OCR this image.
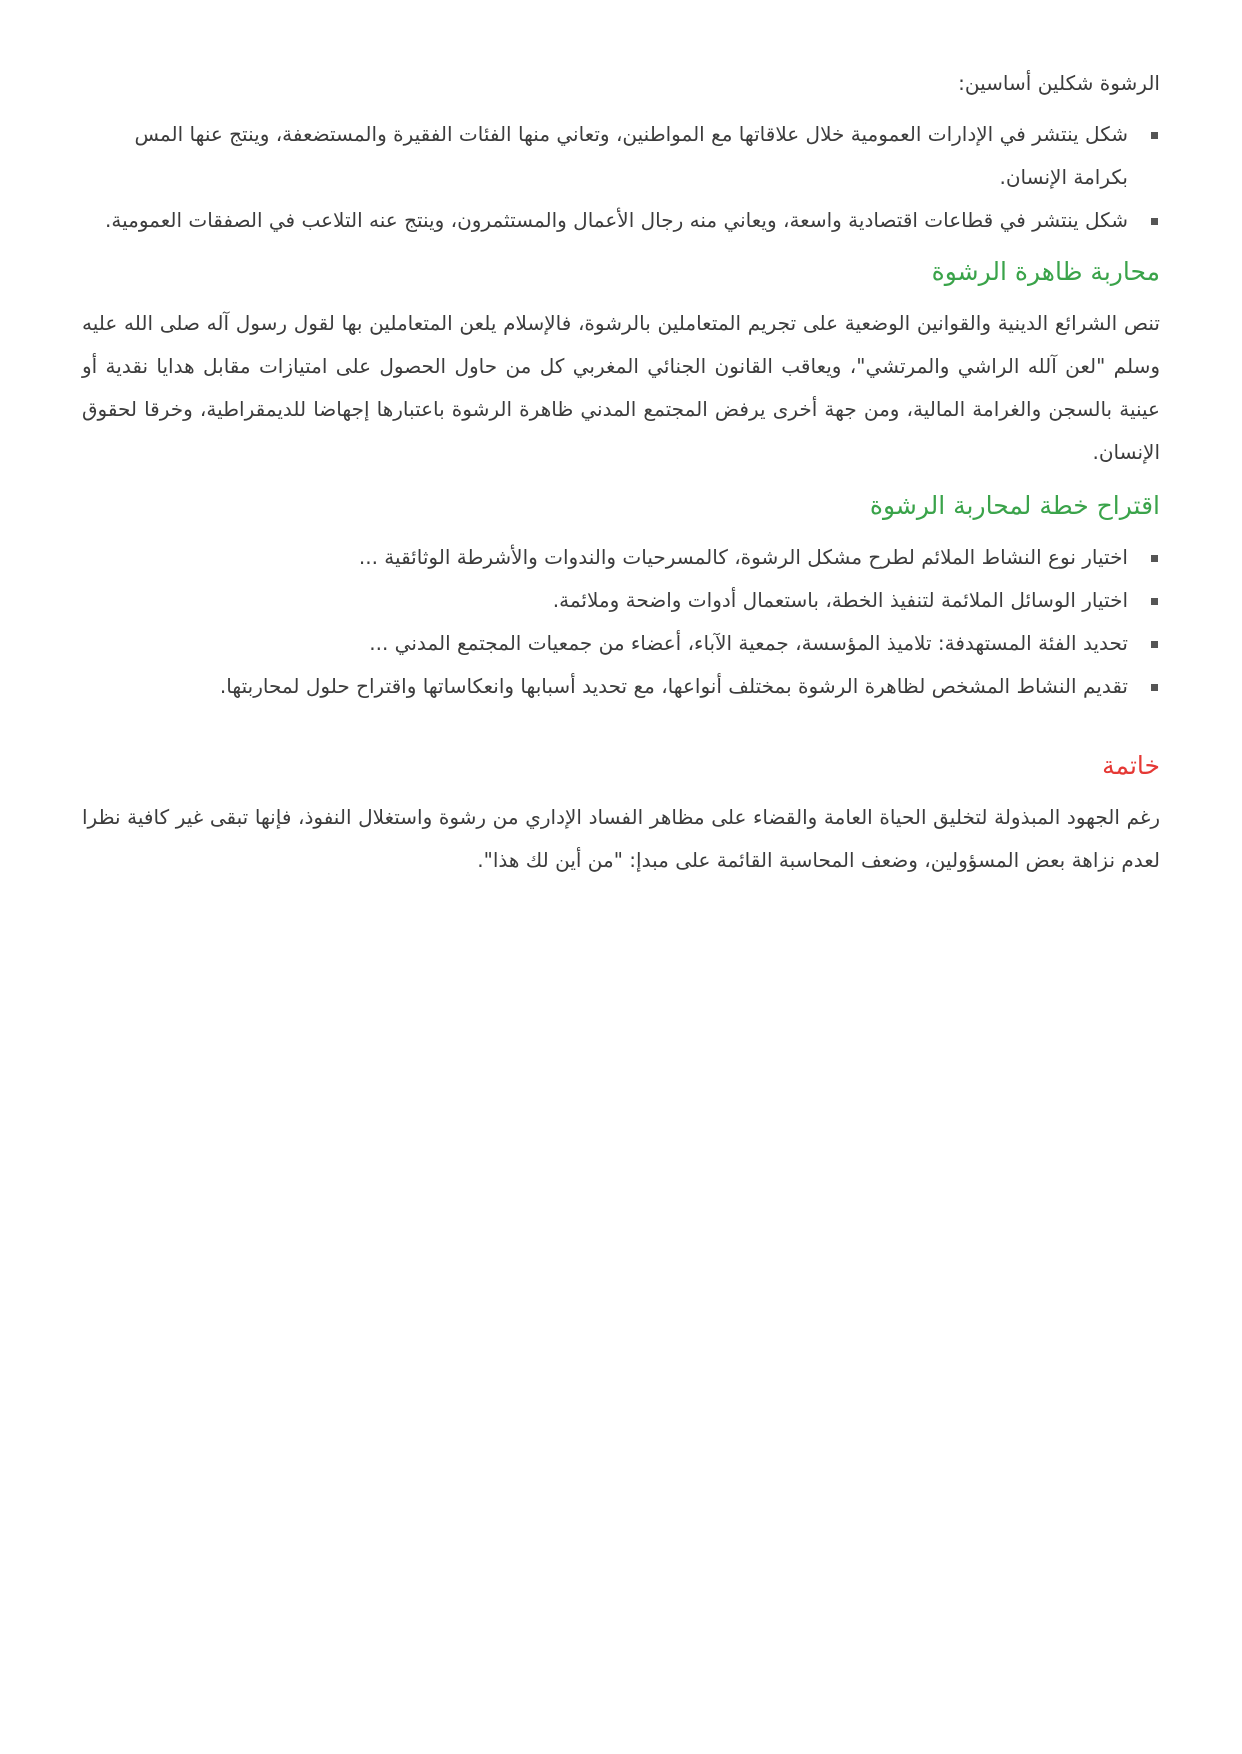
الرشوة شكلين أساسين:

شكل ينتشر في الإدارات العمومية خلال علاقاتها مع المواطنين، وتعاني منها الفئات الفقيرة والمستضعفة، وينتج عنها المس بكرامة الإنسان.
شكل ينتشر في قطاعات اقتصادية واسعة، ويعاني منه رجال الأعمال والمستثمرون، وينتج عنه التلاعب في الصفقات العمومية.
محاربة ظاهرة الرشوة

تنص الشرائع الدينية والقوانين الوضعية على تجريم المتعاملين بالرشوة، فالإسلام يلعن المتعاملين بها لقول رسول آله صلى الله عليه وسلم "لعن آلله الراشي والمرتشي"، ويعاقب القانون الجنائي المغربي كل من حاول الحصول على امتيازات مقابل هدايا نقدية أو عينية بالسجن والغرامة المالية، ومن جهة أخرى يرفض المجتمع المدني ظاهرة الرشوة باعتبارها إجهاضا للديمقراطية، وخرقا لحقوق الإنسان.

اقتراح خطة لمحاربة الرشوة
اختيار نوع النشاط الملائم لطرح مشكل الرشوة، كالمسرحيات والندوات والأشرطة الوثائقية ...
اختيار الوسائل الملائمة لتنفيذ الخطة، باستعمال أدوات واضحة وملائمة.
تحديد الفئة المستهدفة: تلاميذ المؤسسة، جمعية الآباء، أعضاء من جمعيات المجتمع المدني ...
تقديم النشاط المشخص لظاهرة الرشوة بمختلف أنواعها، مع تحديد أسبابها وانعكاساتها واقتراح حلول لمحاربتها.
خاتمة

رغم الجهود المبذولة لتخليق الحياة العامة والقضاء على مظاهر الفساد الإداري من رشوة واستغلال النفوذ، فإنها تبقى غير كافية نظرا لعدم نزاهة بعض المسؤولين، وضعف المحاسبة القائمة على مبدإ: "من أين لك هذا".
